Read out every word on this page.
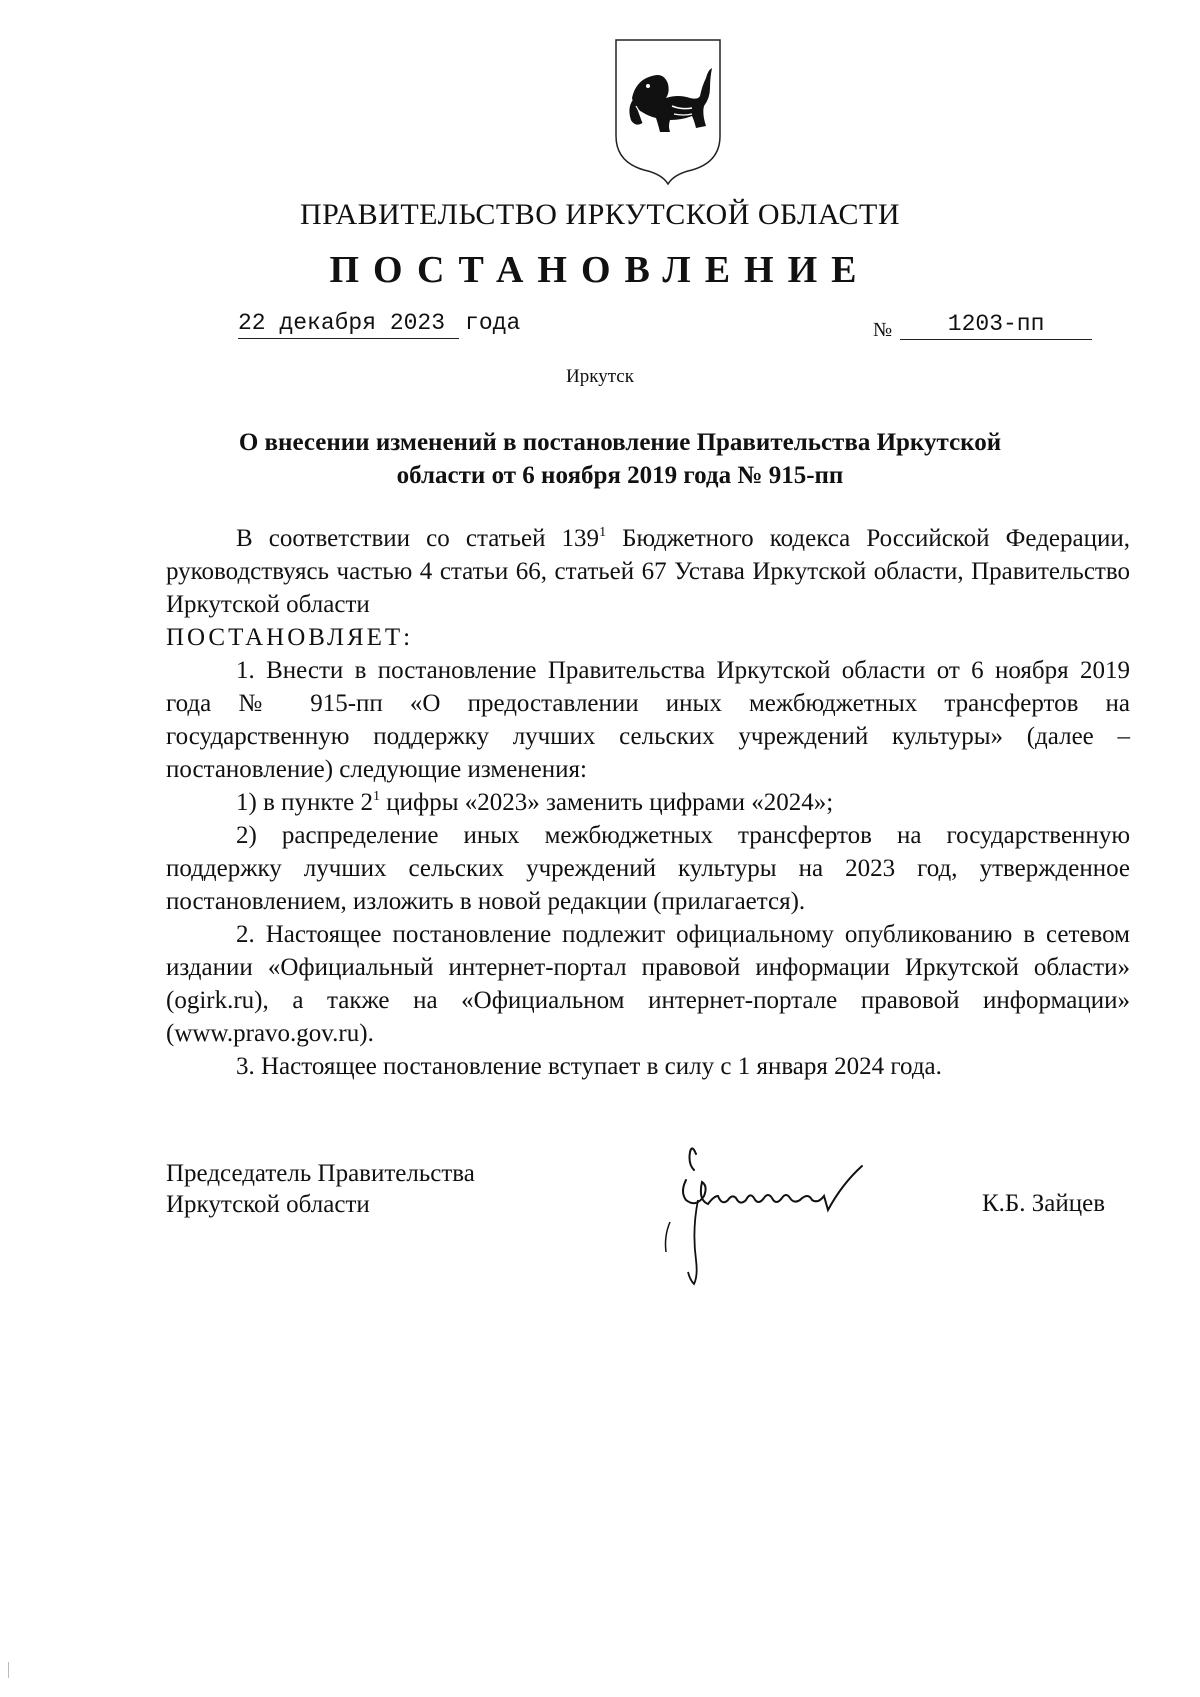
ПРАВИТЕЛЬСТВО ИРКУТСКОЙ ОБЛАСТИ
ПОСТАНОВЛЕНИЕ
22 декабря 2023 года	№ 1203-пп
Иркутск
О внесении изменений в постановление Правительства Иркутской
области от 6 ноября 2019 года № 915-пп

В соответствии со статьей $139^1$ Бюджетного кодекса Российской Федерации, руководствуясь частью 4 статьи 66, статьей 67 Устава Иркутской области, Правительство Иркутской области

ПОСТАНОВЛЯЕТ:

1. Внести в постановление Правительства Иркутской области от 6 ноября 2019 года № 915-пп «О предоставлении иных межбюджетных трансфертов на государственную поддержку лучших сельских учреждений культуры» (далее – постановление) следующие изменения:

1) в пункте $2^1$ цифры «2023» заменить цифрами «2024»;

2) распределение иных межбюджетных трансфертов на государственную поддержку лучших сельских учреждений культуры на 2023 год, утвержденное постановлением, изложить в новой редакции (прилагается).

2. Настоящее постановление подлежит официальному опубликованию в сетевом издании «Официальный интернет-портал правовой информации Иркутской области» (ogirk.ru), а также на «Официальном интернет-портале правовой информации» (www.pravo.gov.ru).

3. Настоящее постановление вступает в силу с 1 января 2024 года.

Председатель Правительства
Иркутской области	К.Б. Зайцев
